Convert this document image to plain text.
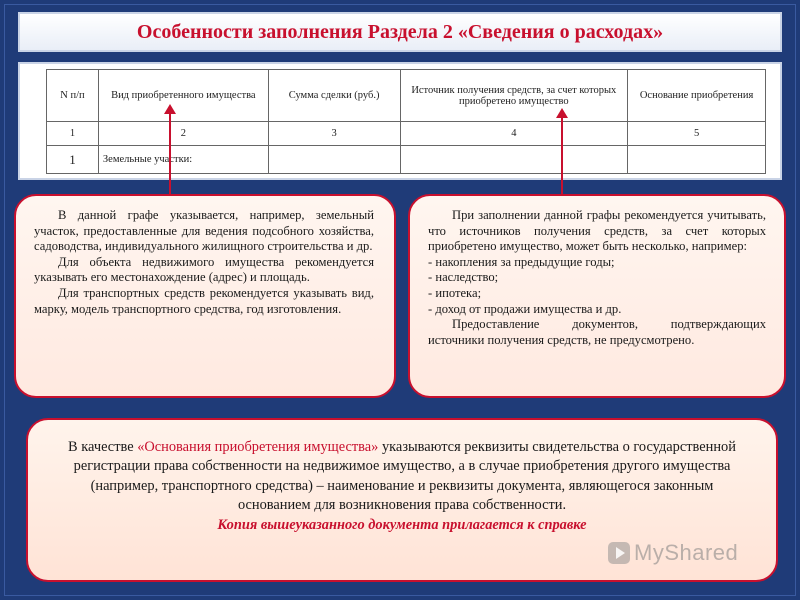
Особенности заполнения Раздела 2 «Сведения о расходах»
N п/п	Вид приобретенного имущества	Сумма сделки (руб.)	Источник получения средств, за счет которых приобретено имущество	Основание приобретения
1	2	3	4	5
1	Земельные участки:			

В данной графе указывается, например, земельный участок, предоставленные для ведения подсобного хозяйства, садоводства, индивидуального жилищного строительства и др.

Для объекта недвижимого имущества рекомендуется указывать его местонахождение (адрес) и площадь.

Для транспортных средств рекомендуется указывать вид, марку, модель транспортного средства, год изготовления.

При заполнении данной графы рекомендуется учитывать, что источников получения средств, за счет которых приобретено имущество, может быть несколько, например:

- накопления за предыдущие годы;

- наследство;

- ипотека;

- доход от продажи имущества и др.

Предоставление документов, подтверждающих источники получения средств, не предусмотрено.

В качестве «Основания приобретения имущества» указываются реквизиты свидетельства о государственной регистрации права собственности на недвижимое имущество, а в случае приобретения другого имущества (например, транспортного средства) – наименование и реквизиты документа, являющегося законным основанием для возникновения права собственности.

Копия вышеуказанного документа прилагается к справке

MyShared
